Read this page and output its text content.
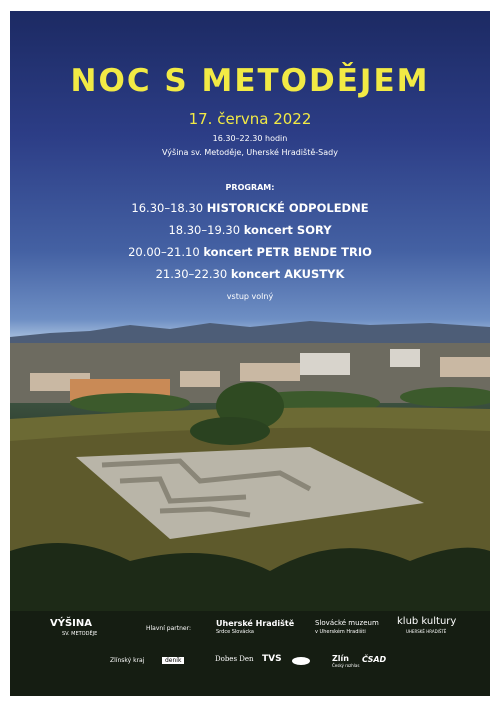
NOC S METODĚJEM
17. června 2022
16.30–22.30 hodin
Výšina sv. Metoděje, Uherské Hradiště-Sady
PROGRAM:
16.30–18.30 HISTORICKÉ ODPOLEDNE
18.30–19.30 koncert SORY
20.00–21.10 koncert PETR BENDE TRIO
21.30–22.30 koncert AKUSTYK
vstup volný
VÝŠINA
SV. METODĚJE
Hlavní partner:
Uherské Hradiště
Srdce Slovácka
Slovácké muzeum
v Uherském Hradišti
klub kultury
UHERSKÉ HRADIŠTĚ
Zlínský kraj	deník	Dobes Den TVS	Zlín
Český rozhlas
ČSAD
